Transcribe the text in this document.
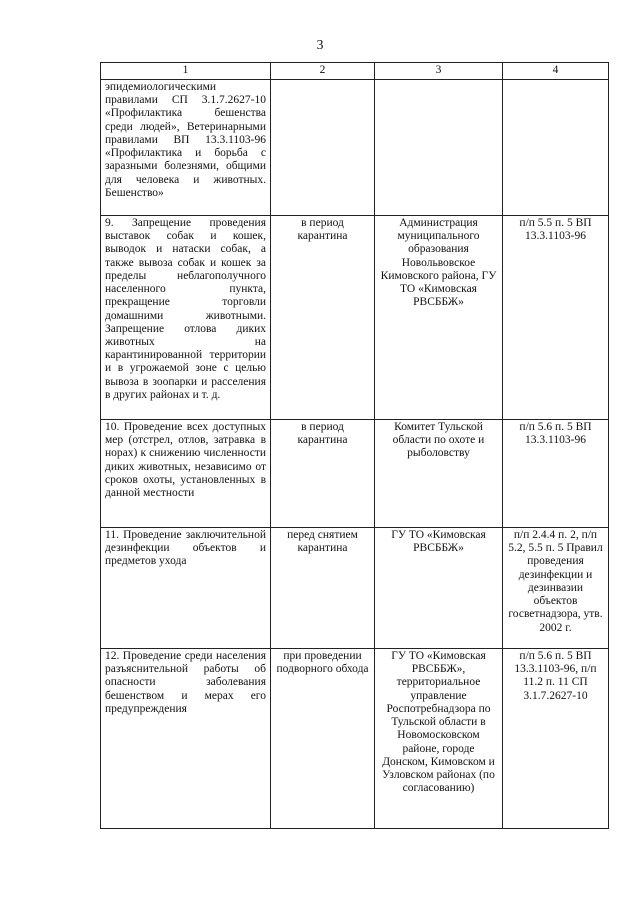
3
1	2	3	4
эпидемиологическими правилами СП 3.1.7.2627-10 «Профилактика бешенства среди людей», Ветеринарными правилами ВП 13.3.1103-96 «Профилактика и борьба с заразными болезнями, общими для человека и животных. Бешенство»			
9. Запрещение проведения выставок собак и кошек, выводок и натаски собак, а также вывоза собак и кошек за пределы неблагополучного населенного пункта, прекращение торговли домашними животными. Запрещение отлова диких животных на карантинированной территории и в угрожаемой зоне с целью вывоза в зоопарки и расселения в других районах и т. д.	в период карантина	Администрация муниципального образования Новольвовское Кимовского района, ГУ ТО «Кимовская РВСББЖ»	п/п 5.5 п. 5 ВП 13.3.1103-96
10. Проведение всех доступных мер (отстрел, отлов, затравка в норах) к снижению численности диких животных, независимо от сроков охоты, установленных в данной местности	в период карантина	Комитет Тульской области по охоте и рыболовству	п/п 5.6 п. 5 ВП 13.3.1103-96
11. Проведение заключительной дезинфекции объектов и предметов ухода	перед снятием карантина	ГУ ТО «Кимовская РВСББЖ»	п/п 2.4.4 п. 2, п/п 5.2, 5.5 п. 5 Правил проведения дезинфекции и дезинвазии объектов госветнадзора, утв. 2002 г.
12. Проведение среди населения разъяснительной работы об опасности заболевания бешенством и мерах его предупреждения	при проведении подворного обхода	ГУ ТО «Кимовская РВСББЖ», территориальное управление Роспотребнадзора по Тульской области в Новомосковском районе, городе Донском, Кимовском и Узловском районах (по согласованию)	п/п 5.6 п. 5 ВП 13.3.1103-96, п/п 11.2 п. 11 СП 3.1.7.2627-10
